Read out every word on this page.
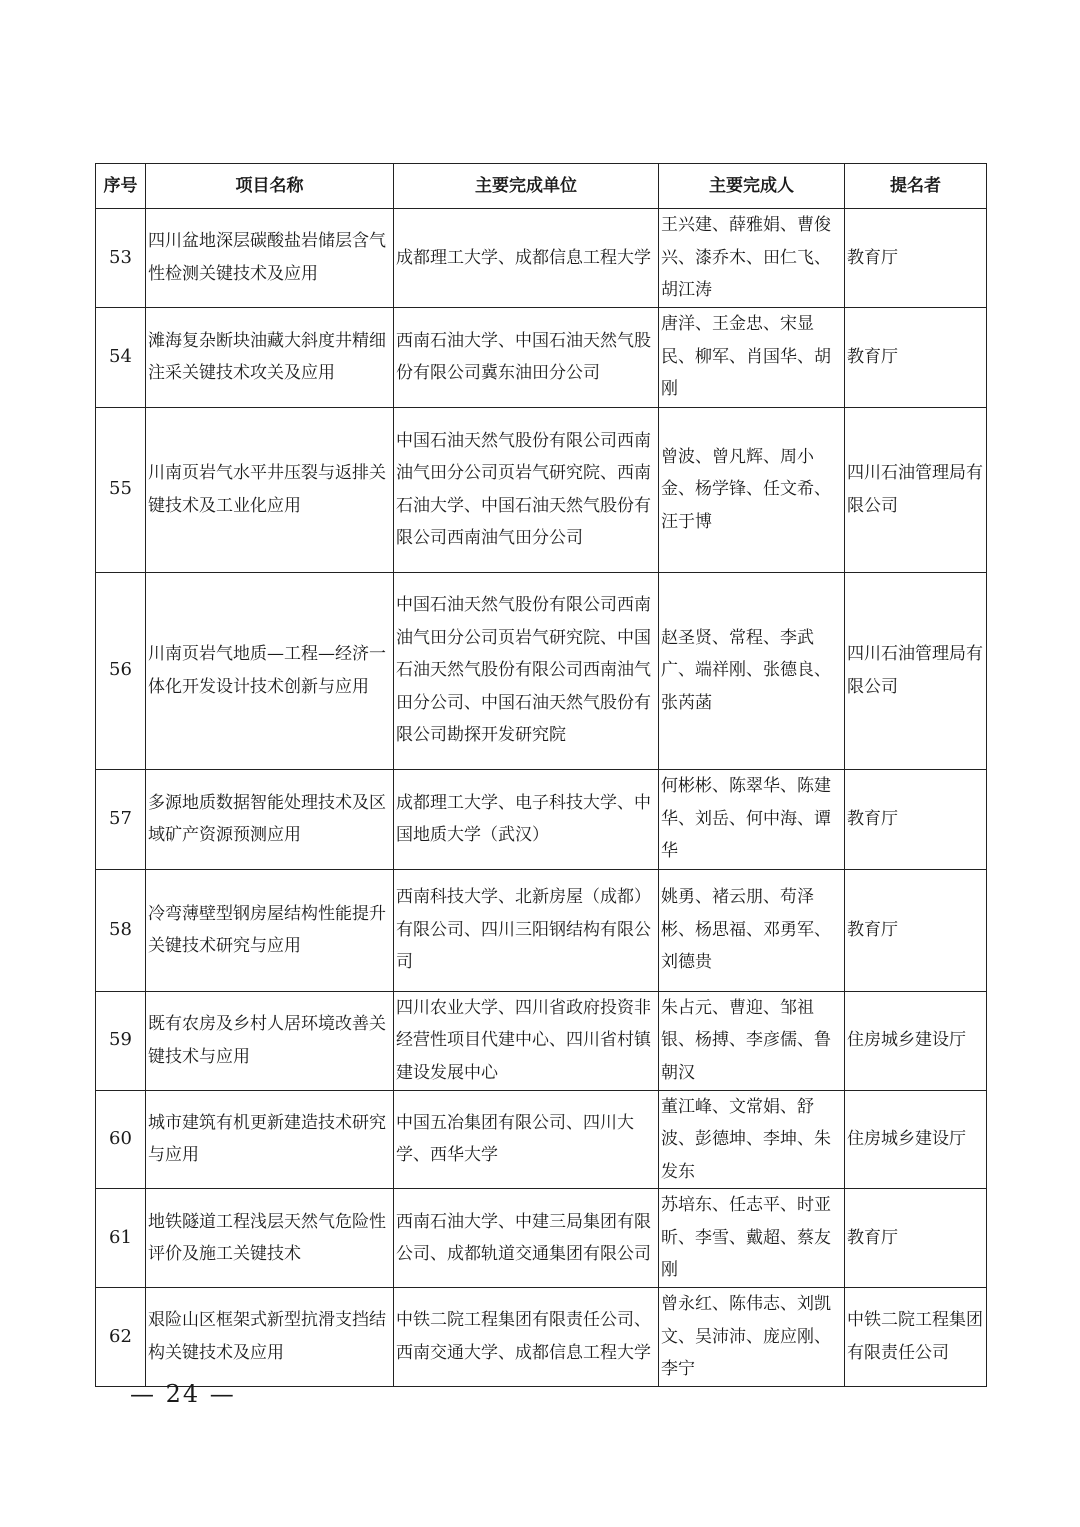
序号	项目名称	主要完成单位	主要完成人	提名者
53	四川盆地深层碳酸盐岩储层含气性检测关键技术及应用	成都理工大学、成都信息工程大学	王兴建、薛雅娟、曹俊兴、漆乔木、田仁飞、胡江涛	教育厅
54	滩海复杂断块油藏大斜度井精细注采关键技术攻关及应用	西南石油大学、中国石油天然气股份有限公司冀东油田分公司	唐洋、王金忠、宋显民、柳军、肖国华、胡刚	教育厅
55	川南页岩气水平井压裂与返排关键技术及工业化应用	中国石油天然气股份有限公司西南油气田分公司页岩气研究院、西南石油大学、中国石油天然气股份有限公司西南油气田分公司	曾波、曾凡辉、周小金、杨学锋、任文希、汪于博	四川石油管理局有限公司
56	川南页岩气地质—工程—经济一体化开发设计技术创新与应用	中国石油天然气股份有限公司西南油气田分公司页岩气研究院、中国石油天然气股份有限公司西南油气田分公司、中国石油天然气股份有限公司勘探开发研究院	赵圣贤、常程、李武广、端祥刚、张德良、张芮菡	四川石油管理局有限公司
57	多源地质数据智能处理技术及区域矿产资源预测应用	成都理工大学、电子科技大学、中国地质大学（武汉）	何彬彬、陈翠华、陈建华、刘岳、何中海、谭华	教育厅
58	冷弯薄壁型钢房屋结构性能提升关键技术研究与应用	西南科技大学、北新房屋（成都）有限公司、四川三阳钢结构有限公司	姚勇、褚云朋、苟泽彬、杨思福、邓勇军、刘德贵	教育厅
59	既有农房及乡村人居环境改善关键技术与应用	四川农业大学、四川省政府投资非经营性项目代建中心、四川省村镇建设发展中心	朱占元、曹迎、邹祖银、杨搏、李彦儒、鲁朝汉	住房城乡建设厅
60	城市建筑有机更新建造技术研究与应用	中国五冶集团有限公司、四川大学、西华大学	董江峰、文常娟、舒波、彭德坤、李坤、朱发东	住房城乡建设厅
61	地铁隧道工程浅层天然气危险性评价及施工关键技术	西南石油大学、中建三局集团有限公司、成都轨道交通集团有限公司	苏培东、任志平、时亚昕、李雪、戴超、蔡友刚	教育厅
62	艰险山区框架式新型抗滑支挡结构关键技术及应用	中铁二院工程集团有限责任公司、西南交通大学、成都信息工程大学	曾永红、陈伟志、刘凯文、吴沛沛、庞应刚、李宁	中铁二院工程集团有限责任公司
— 24 —
